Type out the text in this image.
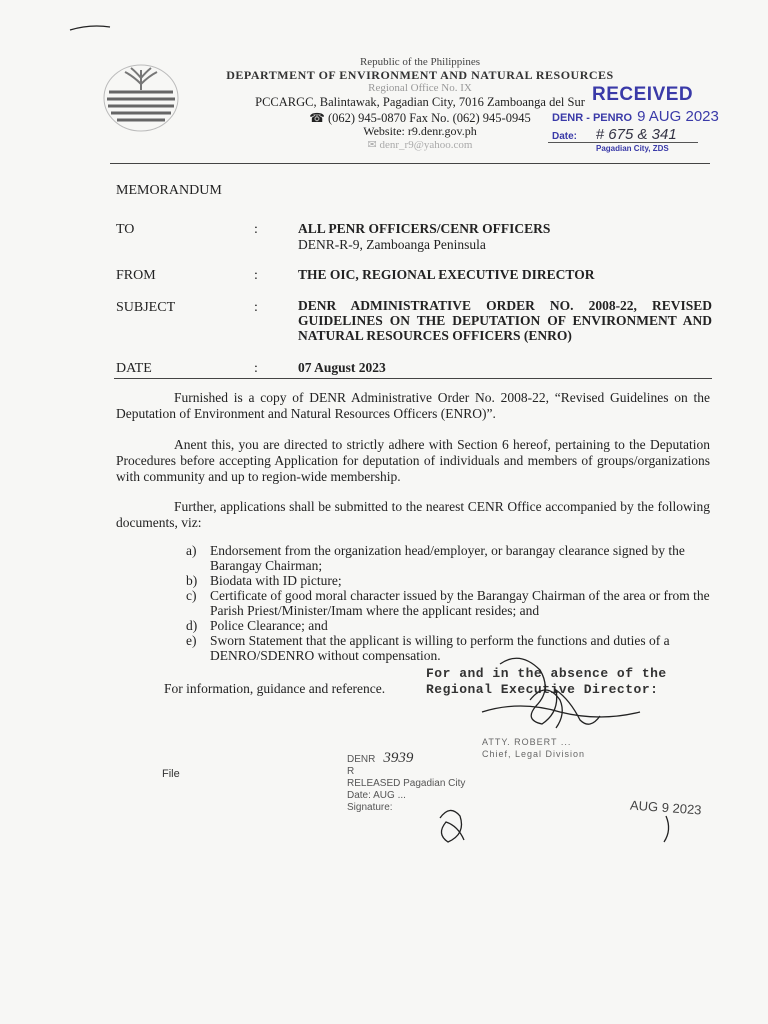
Republic of the Philippines
DEPARTMENT OF ENVIRONMENT AND NATURAL RESOURCES
Regional Office No. IX
PCCARGC, Balintawak, Pagadian City, 7016 Zamboanga del Sur
☎ (062) 945-0870 Fax No. (062) 945-0945
Website: r9.denr.gov.ph
✉ denr_r9@yahoo.com
RECEIVED
DENR - PENRO 9 AUG 2023
Date: # 675 & 341
Pagadian City, ZDS
MEMORANDUM
TO	:	ALL PENR OFFICERS/CENR OFFICERS
DENR-R-9, Zamboanga Peninsula
FROM	:	THE OIC, REGIONAL EXECUTIVE DIRECTOR
SUBJECT	:	DENR ADMINISTRATIVE ORDER NO. 2008-22, REVISED GUIDELINES ON THE DEPUTATION OF ENVIRONMENT AND NATURAL RESOURCES OFFICERS (ENRO)
DATE	:	07 August 2023
Furnished is a copy of DENR Administrative Order No. 2008-22, “Revised Guidelines on the Deputation of Environment and Natural Resources Officers (ENRO)”.
Anent this, you are directed to strictly adhere with Section 6 hereof, pertaining to the Deputation Procedures before accepting Application for deputation of individuals and members of groups/organizations with community and up to region-wide membership.
Further, applications shall be submitted to the nearest CENR Office accompanied by the following documents, viz:
a) Endorsement from the organization head/employer, or barangay clearance signed by the Barangay Chairman;
b) Biodata with ID picture;
c) Certificate of good moral character issued by the Barangay Chairman of the area or from the Parish Priest/Minister/Imam where the applicant resides; and
d) Police Clearance; and
e) Sworn Statement that the applicant is willing to perform the functions and duties of a DENRO/SDENRO without compensation.
For information, guidance and reference.
For and in the absence of the
Regional Executive Director:
ATTY. ROBERT ...
Chief, Legal Division
File
DENR 3939
R
RELEASED Pagadian City
Date: AUG ...
Signature:	AUG 9 2023
